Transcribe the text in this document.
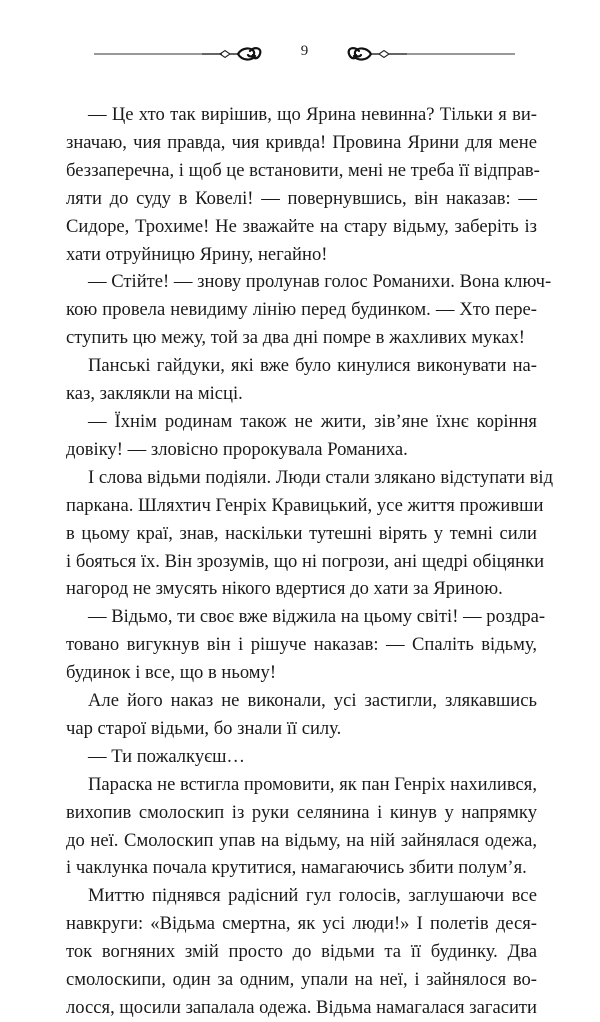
9
— Це хто так вирішив, що Ярина невинна? Тільки я ви-
значаю, чия правда, чия кривда! Провина Ярини для мене
беззаперечна, і щоб це встановити, мені не треба її відправ-
ляти до суду в Ковелі! — повернувшись, він наказав: —
Сидоре, Трохиме! Не зважайте на стару відьму, заберіть із
хати отруйницю Ярину, негайно!
— Стійте! — знову пролунав голос Романихи. Вона ключ-
кою провела невидиму лінію перед будинком. — Хто пере-
ступить цю межу, той за два дні помре в жахливих муках!
Панські гайдуки, які вже було кинулися виконувати на-
каз, заклякли на місці.
— Їхнім родинам також не жити, зів’яне їхнє коріння
довіку! — зловісно пророкувала Романиха.
І слова відьми подіяли. Люди стали злякано відступати від
паркана. Шляхтич Генріх Кравицький, усе життя проживши
в цьому краї, знав, наскільки тутешні вірять у темні сили
і бояться їх. Він зрозумів, що ні погрози, ані щедрі обіцянки
нагород не змусять нікого вдертися до хати за Яриною.
— Відьмо, ти своє вже віджила на цьому світі! — роздра-
товано вигукнув він і рішуче наказав: — Спаліть відьму,
будинок і все, що в ньому!
Але його наказ не виконали, усі застигли, злякавшись
чар старої відьми, бо знали її силу.
— Ти пожалкуєш…
Параска не встигла промовити, як пан Генріх нахилився,
вихопив смолоскип із руки селянина і кинув у напрямку
до неї. Смолоскип упав на відьму, на ній зайнялася одежа,
і чаклунка почала крутитися, намагаючись збити полум’я.
Миттю піднявся радісний гул голосів, заглушаючи все
навкруги: «Відьма смертна, як усі люди!» І полетів деся-
ток вогняних змій просто до відьми та її будинку. Два
смолоскипи, один за одним, упали на неї, і зайнялося во-
лосся, щосили запалала одежа. Відьма намагалася загасити
